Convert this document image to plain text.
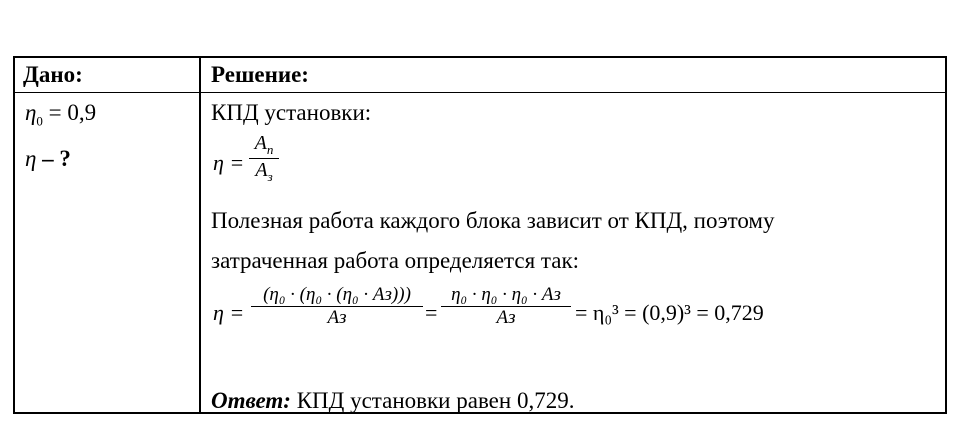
Дано:
$\eta_0 = 0,9$
η – ?
Решение:
КПД установки:
η =
$A_п$
$A_з$
Полезная работа каждого блока зависит от КПД, поэтому
затраченная работа определяется так:
η =
(η₀ · (η₀ · (η₀ · Aз)))
Aз	=
η₀ · η₀ · η₀ · Aз
Aз	= η₀³ = (0,9)³ = 0,729
Ответ: КПД установки равен 0,729.
